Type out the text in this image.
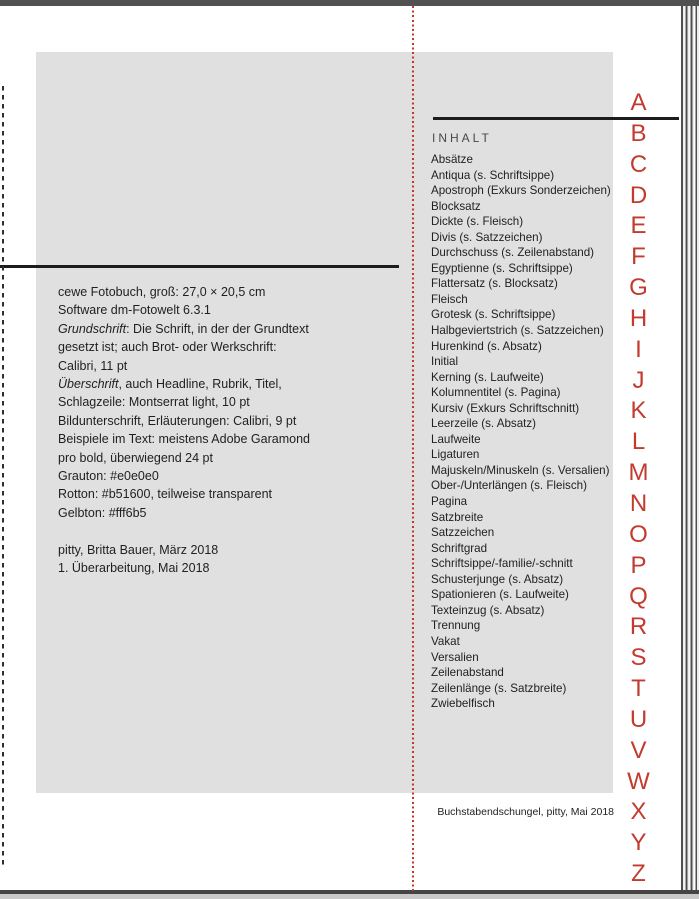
cewe Fotobuch, groß: 27,0 × 20,5 cm
Software dm-Fotowelt 6.3.1
Grundschrift: Die Schrift, in der der Grundtext
gesetzt ist; auch Brot- oder Werkschrift:
Calibri, 11 pt
Überschrift, auch Headline, Rubrik, Titel,
Schlagzeile: Montserrat light, 10 pt
Bildunterschrift, Erläuterungen: Calibri, 9 pt
Beispiele im Text: meistens Adobe Garamond
pro bold, überwiegend 24 pt
Grauton: #e0e0e0
Rotton: #b51600, teilweise transparent
Gelbton: #fff6b5

pitty, Britta Bauer, März 2018
1. Überarbeitung, Mai 2018
INHALT
Absätze
Antiqua (s. Schriftsippe)
Apostroph (Exkurs Sonderzeichen)
Blocksatz
Dickte (s. Fleisch)
Divis (s. Satzzeichen)
Durchschuss (s. Zeilenabstand)
Egyptienne (s. Schriftsippe)
Flattersatz (s. Blocksatz)
Fleisch
Grotesk (s. Schriftsippe)
Halbgeviertstrich (s. Satzzeichen)
Hurenkind (s. Absatz)
Initial
Kerning (s. Laufweite)
Kolumnentitel (s. Pagina)
Kursiv (Exkurs Schriftschnitt)
Leerzeile (s. Absatz)
Laufweite
Ligaturen
Majuskeln/Minuskeln (s. Versalien)
Ober-/Unterlängen (s. Fleisch)
Pagina
Satzbreite
Satzzeichen
Schriftgrad
Schriftsippe/-familie/-schnitt
Schusterjunge (s. Absatz)
Spationieren (s. Laufweite)
Texteinzug (s. Absatz)
Trennung
Vakat
Versalien
Zeilenabstand
Zeilenlänge (s. Satzbreite)
Zwiebelfisch
A
B
C
D
E
F
G
H
I
J
K
L
M
N
O
P
Q
R
S
T
U
V
W
X
Y
Z
Buchstabendschungel, pitty, Mai 2018
